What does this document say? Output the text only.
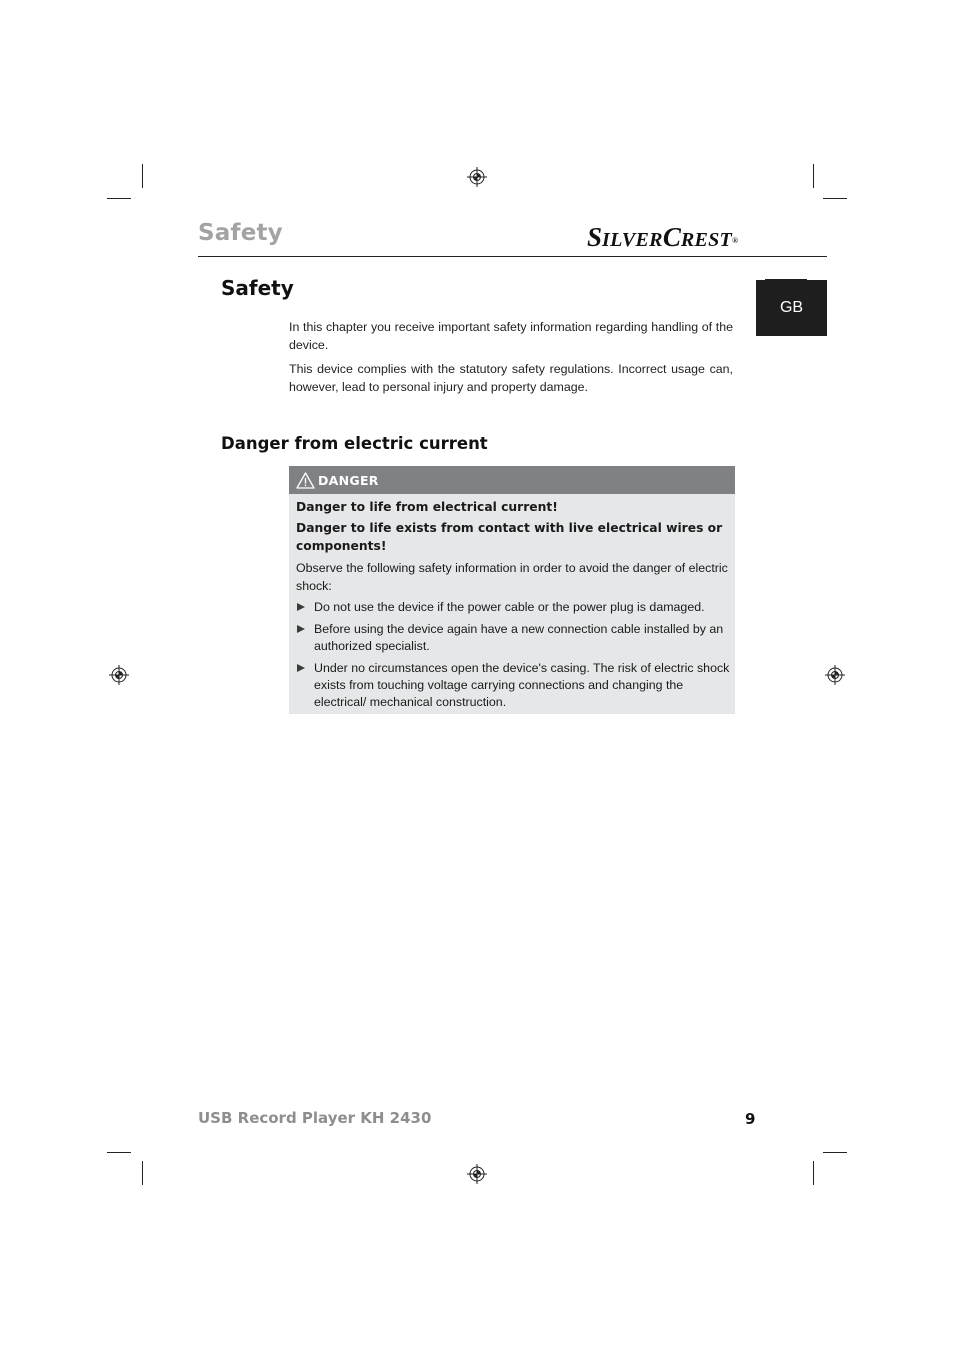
Safety	SILVERCREST®
GB
Safety

In this chapter you receive important safety information regarding handling of the device.

This device complies with the statutory safety regulations. Incorrect usage can, however, lead to personal injury and property damage.

Danger from electric current
DANGER

Danger to life from electrical current!

Danger to life exists from contact with live electrical wires or components!

Observe the following safety information in order to avoid the danger of electric shock:

Do not use the device if the power cable or the power plug is damaged.

Before using the device again have a new connection cable installed by an authorized specialist.

Under no circumstances open the device's casing. The risk of electric shock exists from touching voltage carrying connections and changing the electrical/ mechanical construction.

USB Record Player KH 2430	9
